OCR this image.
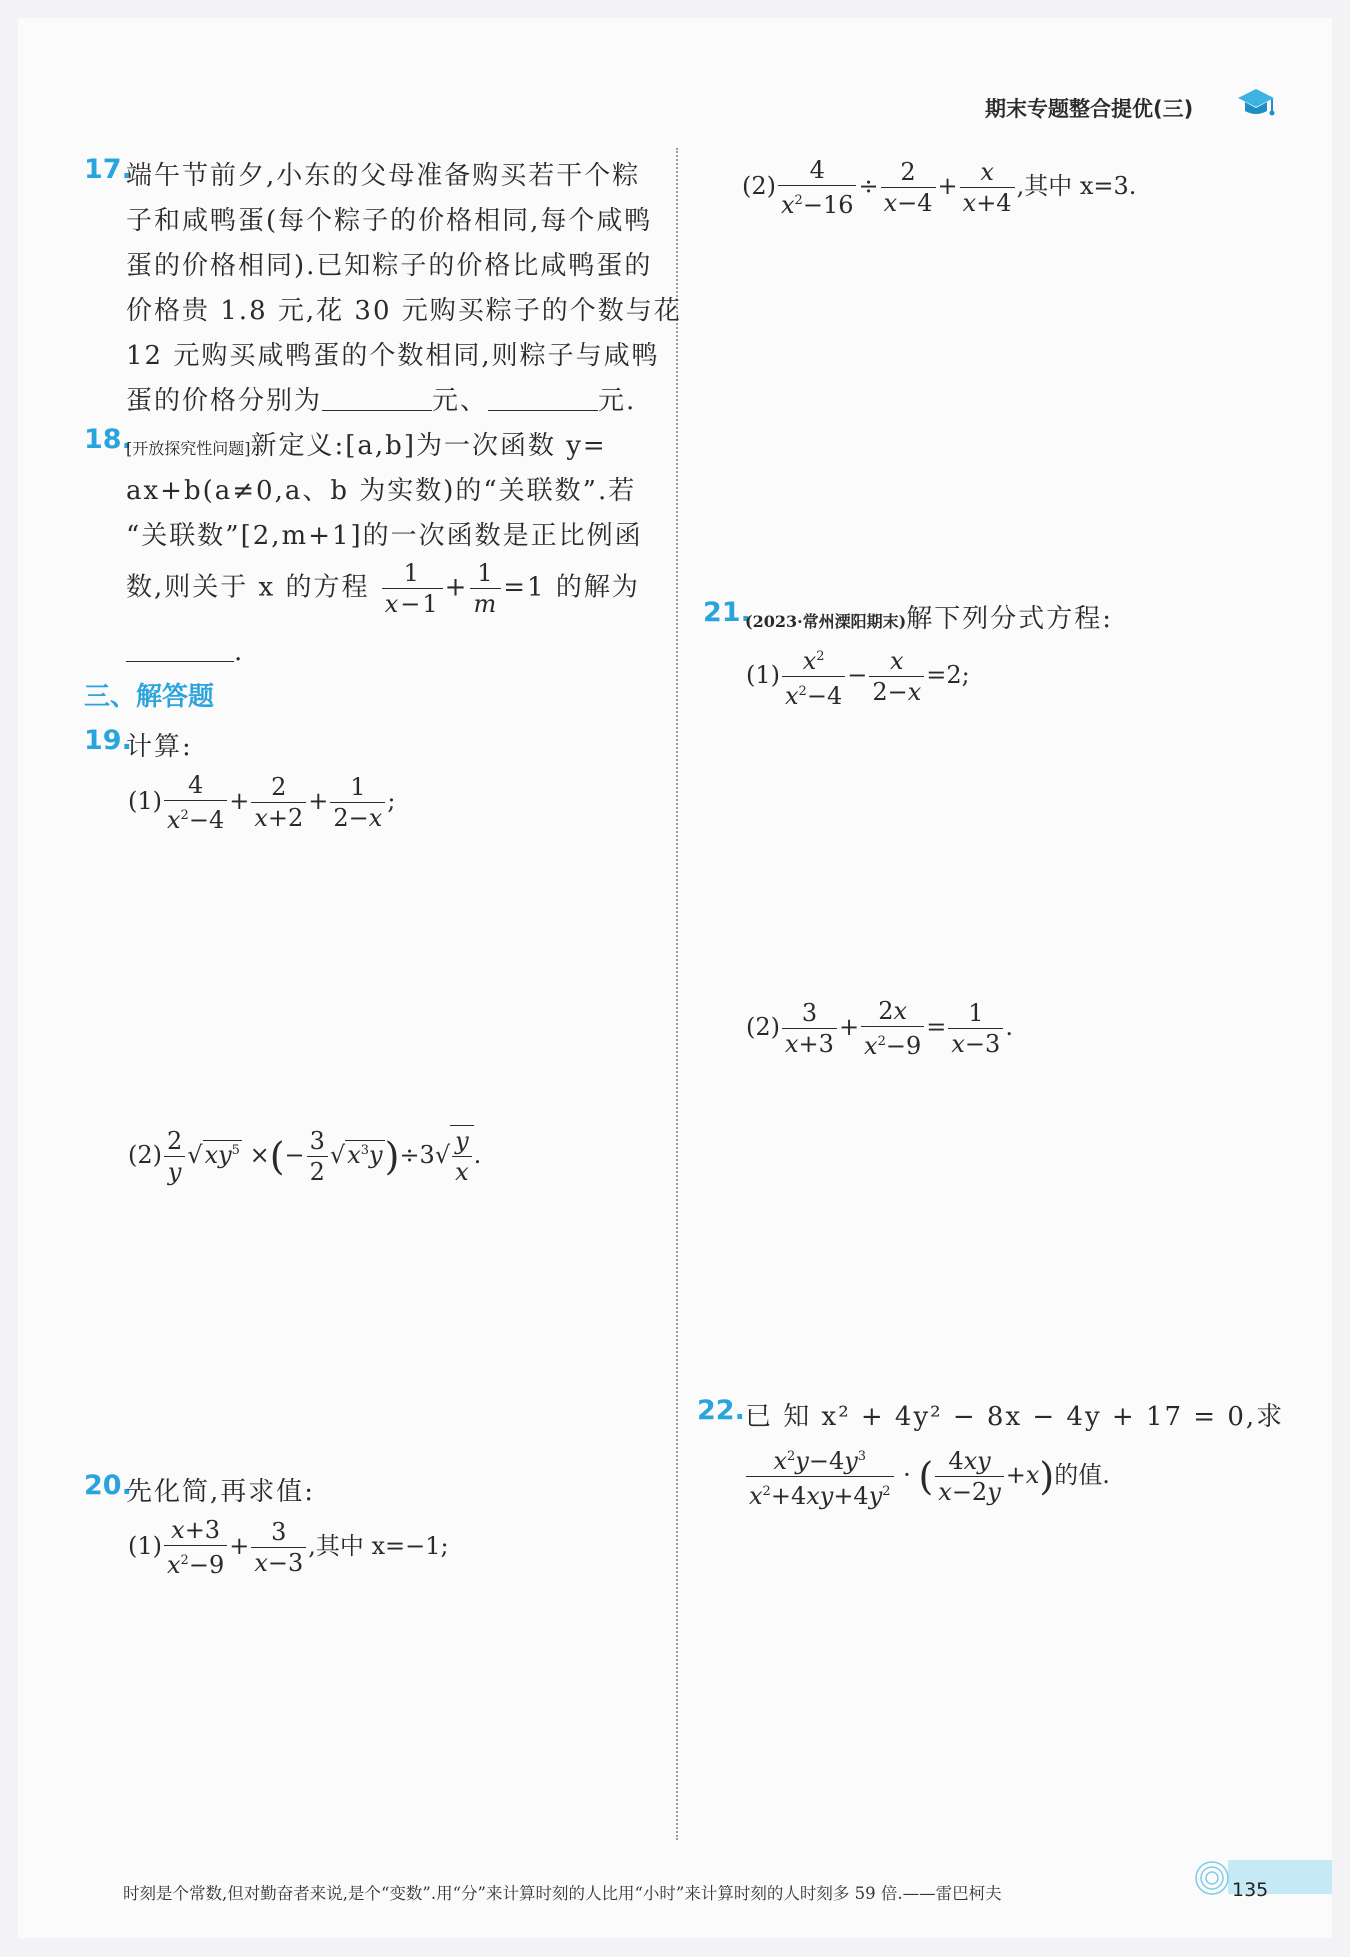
期末专题整合提优(三)
17.
端午节前夕,小东的父母准备购买若干个粽
子和咸鸭蛋(每个粽子的价格相同,每个咸鸭
蛋的价格相同).已知粽子的价格比咸鸭蛋的
价格贵 1.8 元,花 30 元购买粽子的个数与花
12 元购买咸鸭蛋的个数相同,则粽子与咸鸭
蛋的价格分别为	元、	元.
18.
[开放探究性问题]新定义:[a,b]为一次函数 y=
ax+b(a≠0,a、b 为实数)的“关联数”.若
“关联数”[2,m+1]的一次函数是正比例函
数,则关于 x 的方程 $\frac{1}{x-1} + \frac{1}{m} =1$ 的解为
.
三、解答题
19.
计算:
$(1) \frac{4}{x^2-4} + \frac{2}{x+2} + \frac{1}{2-x}$ ;
$(2) \frac{2}{y} √xy^5$ ×(− $\frac{3}{2} √x^3y)\div 3√ \frac{y}{x}$ .
20.
先化简,再求值:
$(1) \frac{x+3}{x^2-9} + \frac{3}{x-3}$ ,其中 x=−1;
$(2) \frac{4}{x^2-16} \div \frac{2}{x-4} + \frac{x}{x+4}$ ,其中 x=3.
21.
(2023·常州溧阳期末)解下列分式方程:
$(1) \frac{x^2}{x^2-4} - \frac{x}{2-x} =2$;
$(2) \frac{3}{x+3} + \frac{2x}{x^2-9} = \frac{1}{x-3}$ .
22. 已 知 x² + 4y² − 8x − 4y + 17 = 0,求
$\frac{x^2y-4y^3}{x^2+4xy+4y^2}$ · ( $\frac{4xy}{x-2y} +x$)的值.
时刻是个常数,但对勤奋者来说,是个“变数”.用“分”来计算时刻的人比用“小时”来计算时刻的人时刻多 59 倍.——雷巴柯夫	135
